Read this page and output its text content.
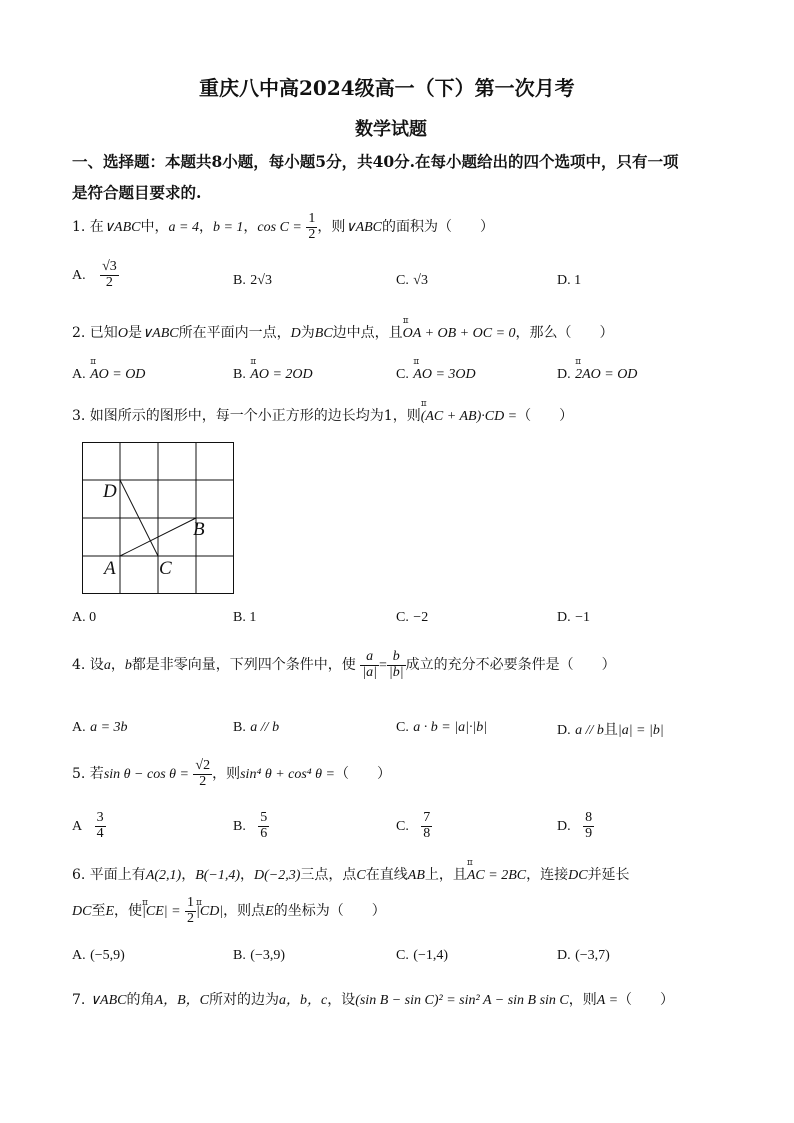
重庆八中高2024级高一（下）第一次月考
数学试题
一、选择题：本题共8小题，每小题5分，共40分.在每小题给出的四个选项中，只有一项
是符合题目要求的.
1. 在∨ABC中，a = 4，b = 1，$\cos C = \frac{1}{2}$ ，则∨ABC的面积为（　　）
A. $\frac{√3}{2}$	B. 2√3	C. √3	D. 1
2. 已知O是∨ABC所在平面内一点，D为BC边中点，且ⵊⵊ OA + OB + OC = 0，那么（　　）
A. ⵊⵊ AO = OD	B. ⵊⵊ AO = 2OD	C. ⵊⵊ AO = 3OD	D. ⵊⵊ 2AO = OD
3. 如图所示的图形中，每一个小正方形的边长均为1，则ⵊⵊ (AC + AB)·CD =（　　）
D
B
A C
A. 0	B. 1	C. −2	D. −1
4. 设a，b都是非零向量，下列四个条件中，使 $\frac{a}{|a|} = \frac{b}{|b|}$ 成立的充分不必要条件是（　　）
A. a = 3b	B. a // b	C. a · b = |a|·|b|	D. a // b且|a| = |b|
5. 若$\sin \theta - \cos \theta = \frac{√2}{2}$ ，则sin⁴ θ + cos⁴ θ =（　　）
A $\frac{3}{4}$	B. $\frac{5}{6}$	C. $\frac{7}{8}$	D. $\frac{8}{9}$
6. 平面上有A(2,1)，B(−1,4)，D(−2,3)三点，点C在直线AB上，且ⵊⵊ AC = 2BC，连接DC并延长
DC至E，使ⵊⵊ $|CE| = \frac{1}{2}$ ⵊⵊ |CD|，则点E的坐标为（　　）
A. (−5,9)	B. (−3,9)	C. (−1,4)	D. (−3,7)
7. ∨ABC的角A，B，C所对的边为a，b，c，设(sin B − sin C)² = sin² A − sin B sin C，则A =（　　）
